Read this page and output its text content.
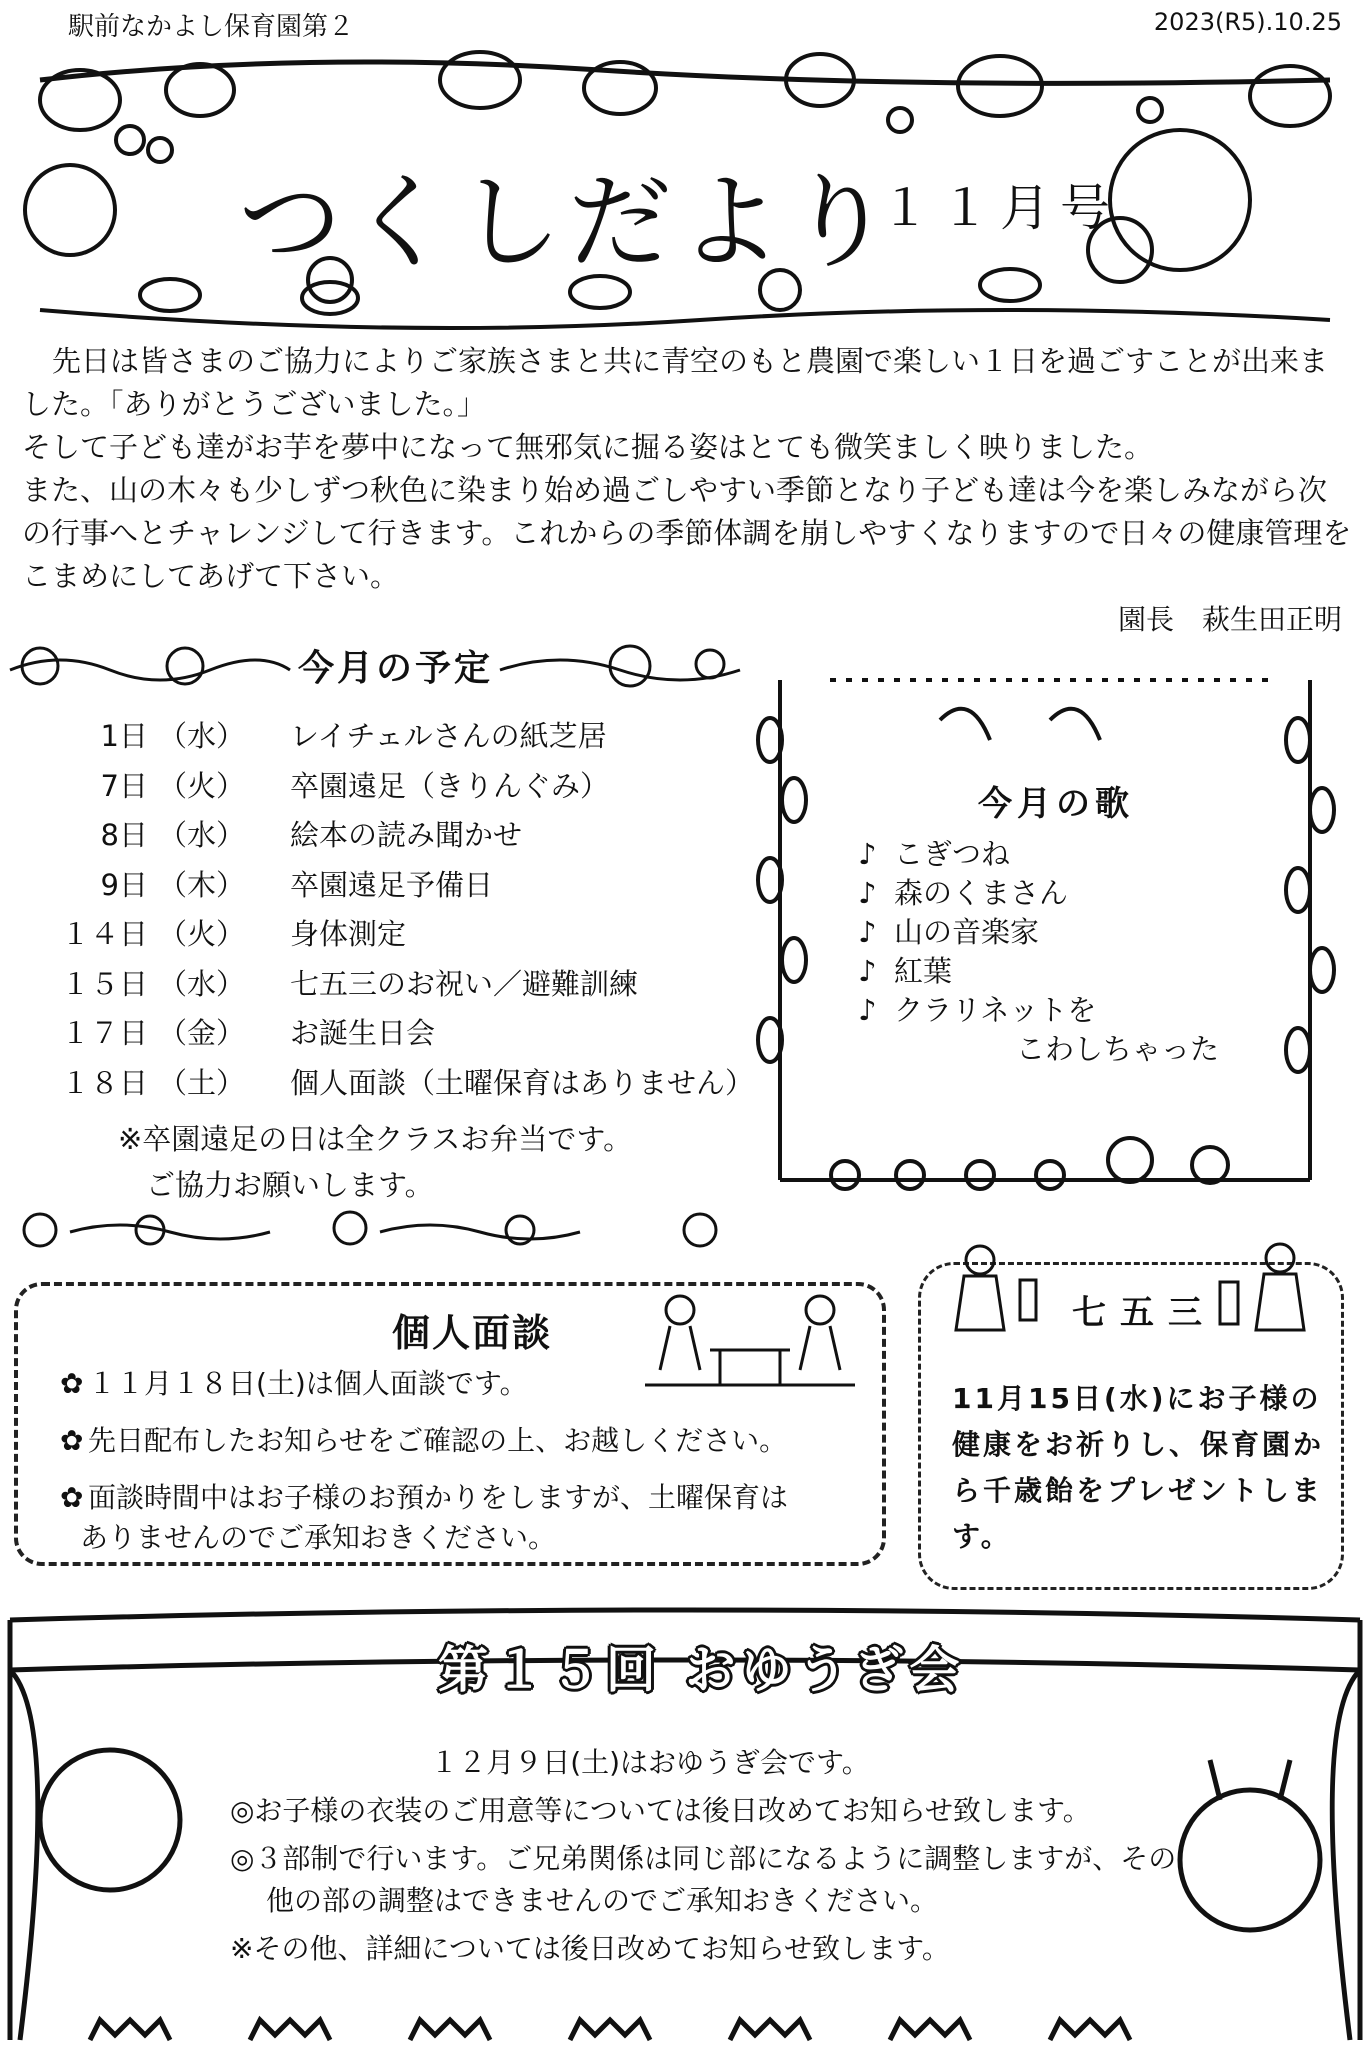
駅前なかよし保育園第２	2023(R5).10.25
つくしだより
１１月号

先日は皆さまのご協力によりご家族さまと共に青空のもと農園で楽しい１日を過ごすことが出来ました。「ありがとうございました。」

そして子ども達がお芋を夢中になって無邪気に掘る姿はとても微笑ましく映りました。

また、山の木々も少しずつ秋色に染まり始め過ごしやすい季節となり子ども達は今を楽しみながら次の行事へとチャレンジして行きます。これからの季節体調を崩しやすくなりますので日々の健康管理をこまめにしてあげて下さい。

園長　萩生田正明
今月の予定
1日 （水）	レイチェルさんの紙芝居
7日 （火）	卒園遠足（きりんぐみ）
8日 （水）	絵本の読み聞かせ
9日 （木）	卒園遠足予備日
１４日 （火）	身体測定
１５日 （水）	七五三のお祝い／避難訓練
１７日 （金）	お誕生日会
１８日 （土）	個人面談（土曜保育はありません）
※卒園遠足の日は全クラスお弁当です。
ご協力お願いします。
今月の歌
♪ こぎつね
♪ 森のくまさん
♪ 山の音楽家
♪ 紅葉
♪ クラリネットを
こわしちゃった
個人面談
✿ １１月１８日(土)は個人面談です。
✿ 先日配布したお知らせをご確認の上、お越しください。
✿ 面談時間中はお子様のお預かりをしますが、土曜保育は
ありませんのでご承知おきください。
七五三
11月15日(水)にお子様の健康をお祈りし、保育園から千歳飴をプレゼントします。
第１５回 おゆうぎ会

１２月９日(土)はおゆうぎ会です。

◎お子様の衣装のご用意等については後日改めてお知らせ致します。

◎３部制で行います。ご兄弟関係は同じ部になるように調整しますが、その他の部の調整はできませんのでご承知おきください。

※その他、詳細については後日改めてお知らせ致します。
